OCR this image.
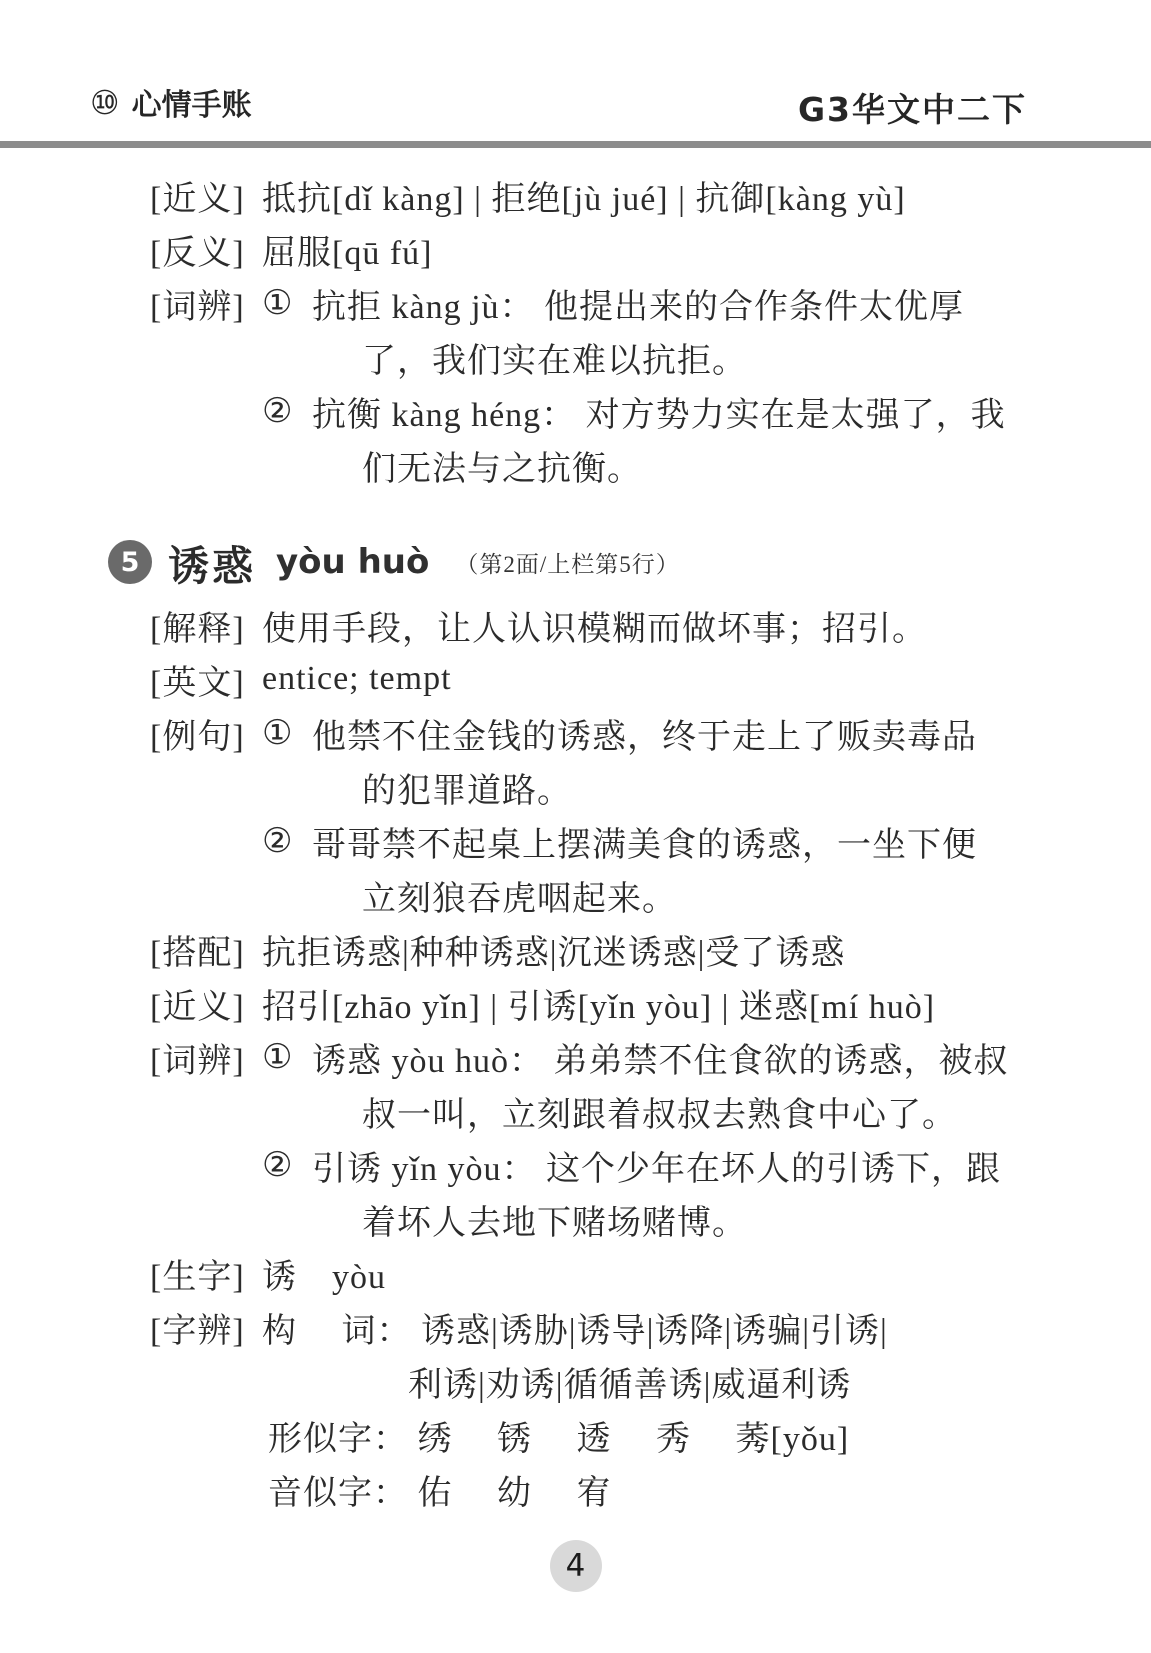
⑩ 心情手账	G3华文中二下
[近义] 抵抗[dǐ kàng] | 拒绝[jù jué] | 抗御[kàng yù]
[反义] 屈服[qū fú]
[词辨] ① 抗拒 kàng jù： 他提出来的合作条件太优厚
了，我们实在难以抗拒。
② 抗衡 kàng héng： 对方势力实在是太强了，我
们无法与之抗衡。
5 诱惑 yòu huò （第2面/上栏第5行）
[解释] 使用手段，让人认识模糊而做坏事；招引。
[英文] entice; tempt
[例句] ① 他禁不住金钱的诱惑，终于走上了贩卖毒品
的犯罪道路。
② 哥哥禁不起桌上摆满美食的诱惑，一坐下便
立刻狼吞虎咽起来。
[搭配] 抗拒诱惑|种种诱惑|沉迷诱惑|受了诱惑
[近义] 招引[zhāo yǐn] | 引诱[yǐn yòu] | 迷惑[mí huò]
[词辨] ① 诱惑 yòu huò： 弟弟禁不住食欲的诱惑，被叔
叔一叫，立刻跟着叔叔去熟食中心了。
② 引诱 yǐn yòu： 这个少年在坏人的引诱下，跟
着坏人去地下赌场赌博。
[生字] 诱　yòu
[字辨] 构　 词： 诱惑|诱胁|诱导|诱降|诱骗|引诱|
利诱|劝诱|循循善诱|威逼利诱
形似字： 绣　 锈　 透　 秀　 莠[yǒu]
音似字： 佑　 幼　 宥
4
